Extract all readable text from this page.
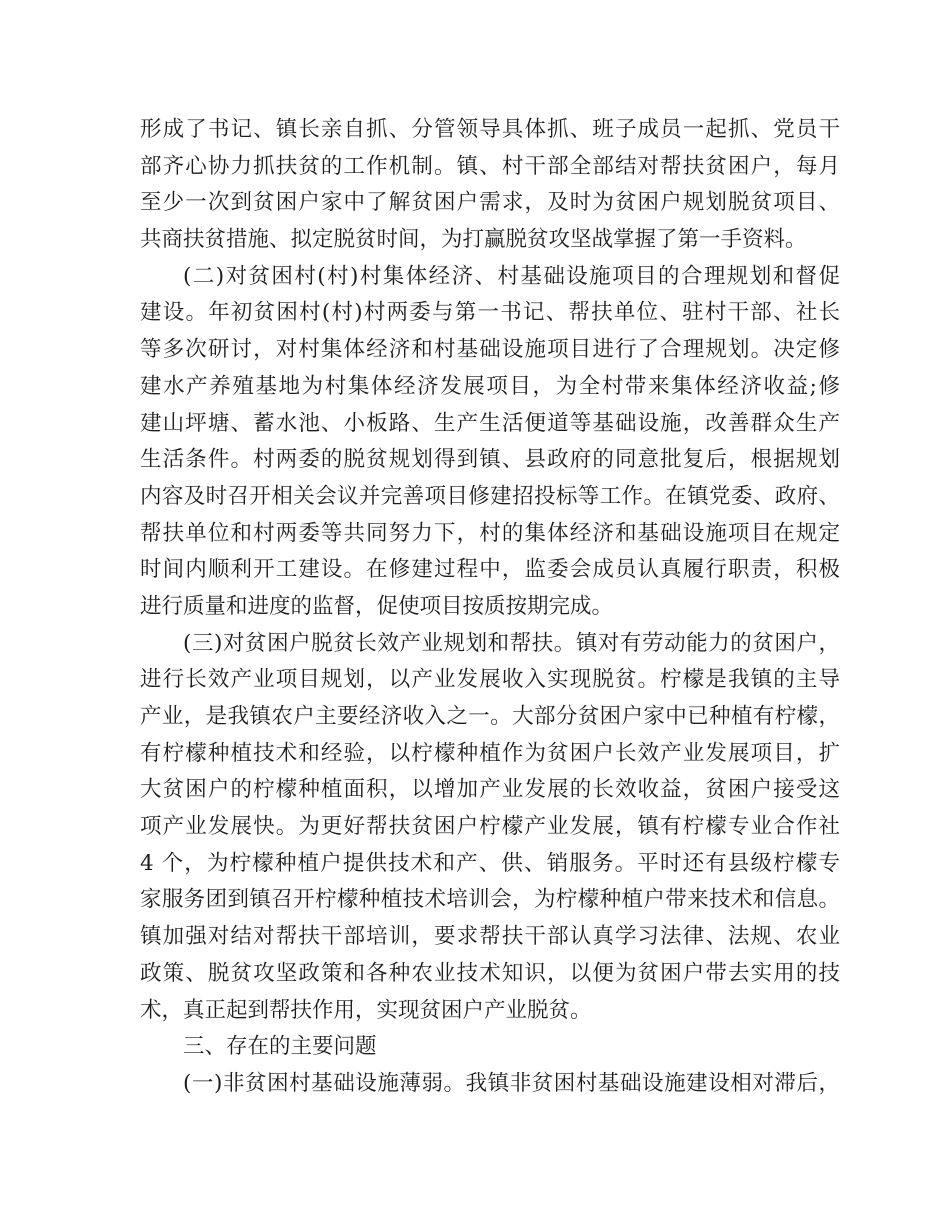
形成了书记、镇长亲自抓、分管领导具体抓、班子成员一起抓、党员干
部齐心协力抓扶贫的工作机制。镇、村干部全部结对帮扶贫困户，每月
至少一次到贫困户家中了解贫困户需求，及时为贫困户规划脱贫项目、
共商扶贫措施、拟定脱贫时间，为打赢脱贫攻坚战掌握了第一手资料。
(二)对贫困村(村)村集体经济、村基础设施项目的合理规划和督促
建设。年初贫困村(村)村两委与第一书记、帮扶单位、驻村干部、社长
等多次研讨，对村集体经济和村基础设施项目进行了合理规划。决定修
建水产养殖基地为村集体经济发展项目，为全村带来集体经济收益;修
建山坪塘、蓄水池、小板路、生产生活便道等基础设施，改善群众生产
生活条件。村两委的脱贫规划得到镇、县政府的同意批复后，根据规划
内容及时召开相关会议并完善项目修建招投标等工作。在镇党委、政府、
帮扶单位和村两委等共同努力下，村的集体经济和基础设施项目在规定
时间内顺利开工建设。在修建过程中，监委会成员认真履行职责，积极
进行质量和进度的监督，促使项目按质按期完成。
(三)对贫困户脱贫长效产业规划和帮扶。镇对有劳动能力的贫困户，
进行长效产业项目规划，以产业发展收入实现脱贫。柠檬是我镇的主导
产业，是我镇农户主要经济收入之一。大部分贫困户家中已种植有柠檬，
有柠檬种植技术和经验，以柠檬种植作为贫困户长效产业发展项目，扩
大贫困户的柠檬种植面积，以增加产业发展的长效收益，贫困户接受这
项产业发展快。为更好帮扶贫困户柠檬产业发展，镇有柠檬专业合作社
4 个，为柠檬种植户提供技术和产、供、销服务。平时还有县级柠檬专
家服务团到镇召开柠檬种植技术培训会，为柠檬种植户带来技术和信息。
镇加强对结对帮扶干部培训，要求帮扶干部认真学习法律、法规、农业
政策、脱贫攻坚政策和各种农业技术知识，以便为贫困户带去实用的技
术，真正起到帮扶作用，实现贫困户产业脱贫。
三、存在的主要问题
(一)非贫困村基础设施薄弱。我镇非贫困村基础设施建设相对滞后，
